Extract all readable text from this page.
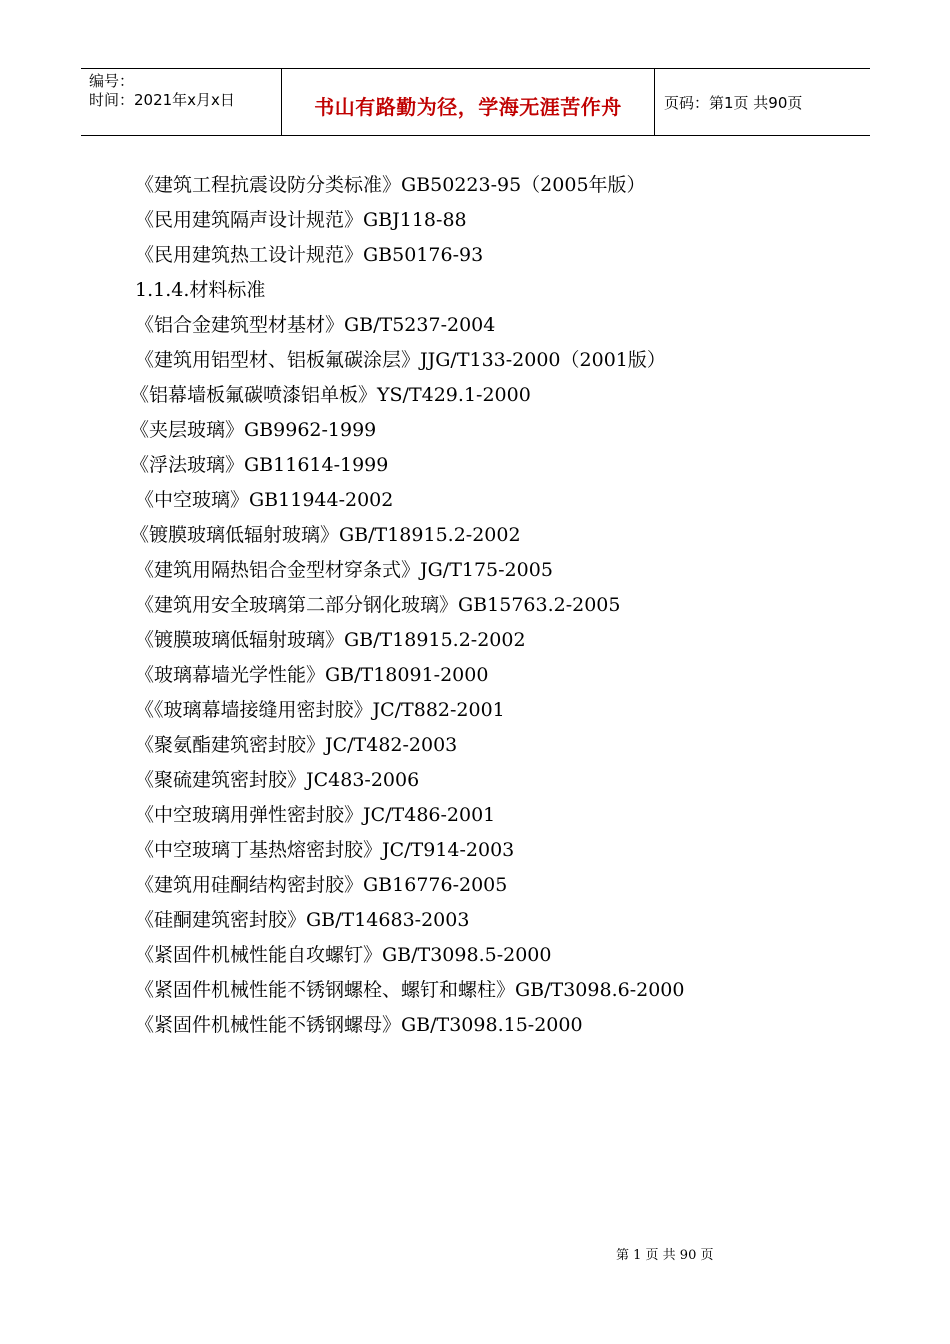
编号：
时间：2021年x月x日	书山有路勤为径，学海无涯苦作舟	页码：第1页 共90页
《建筑工程抗震设防分类标准》GB50223-95（2005年版）
《民用建筑隔声设计规范》GBJ118-88
《民用建筑热工设计规范》GB50176-93
1.1.4.材料标准
《铝合金建筑型材基材》GB/T5237-2004
《建筑用铝型材、铝板氟碳涂层》JJG/T133-2000（2001版）
《铝幕墙板氟碳喷漆铝单板》YS/T429.1-2000
《夹层玻璃》GB9962-1999
《浮法玻璃》GB11614-1999
《中空玻璃》GB11944-2002
《镀膜玻璃低辐射玻璃》GB/T18915.2-2002
《建筑用隔热铝合金型材穿条式》JG/T175-2005
《建筑用安全玻璃第二部分钢化玻璃》GB15763.2-2005
《镀膜玻璃低辐射玻璃》GB/T18915.2-2002
《玻璃幕墙光学性能》GB/T18091-2000
《《玻璃幕墙接缝用密封胶》JC/T882-2001
《聚氨酯建筑密封胶》JC/T482-2003
《聚硫建筑密封胶》JC483-2006
《中空玻璃用弹性密封胶》JC/T486-2001
《中空玻璃丁基热熔密封胶》JC/T914-2003
《建筑用硅酮结构密封胶》GB16776-2005
《硅酮建筑密封胶》GB/T14683-2003
《紧固件机械性能自攻螺钉》GB/T3098.5-2000
《紧固件机械性能不锈钢螺栓、螺钉和螺柱》GB/T3098.6-2000
《紧固件机械性能不锈钢螺母》GB/T3098.15-2000
第 1 页 共 90 页
